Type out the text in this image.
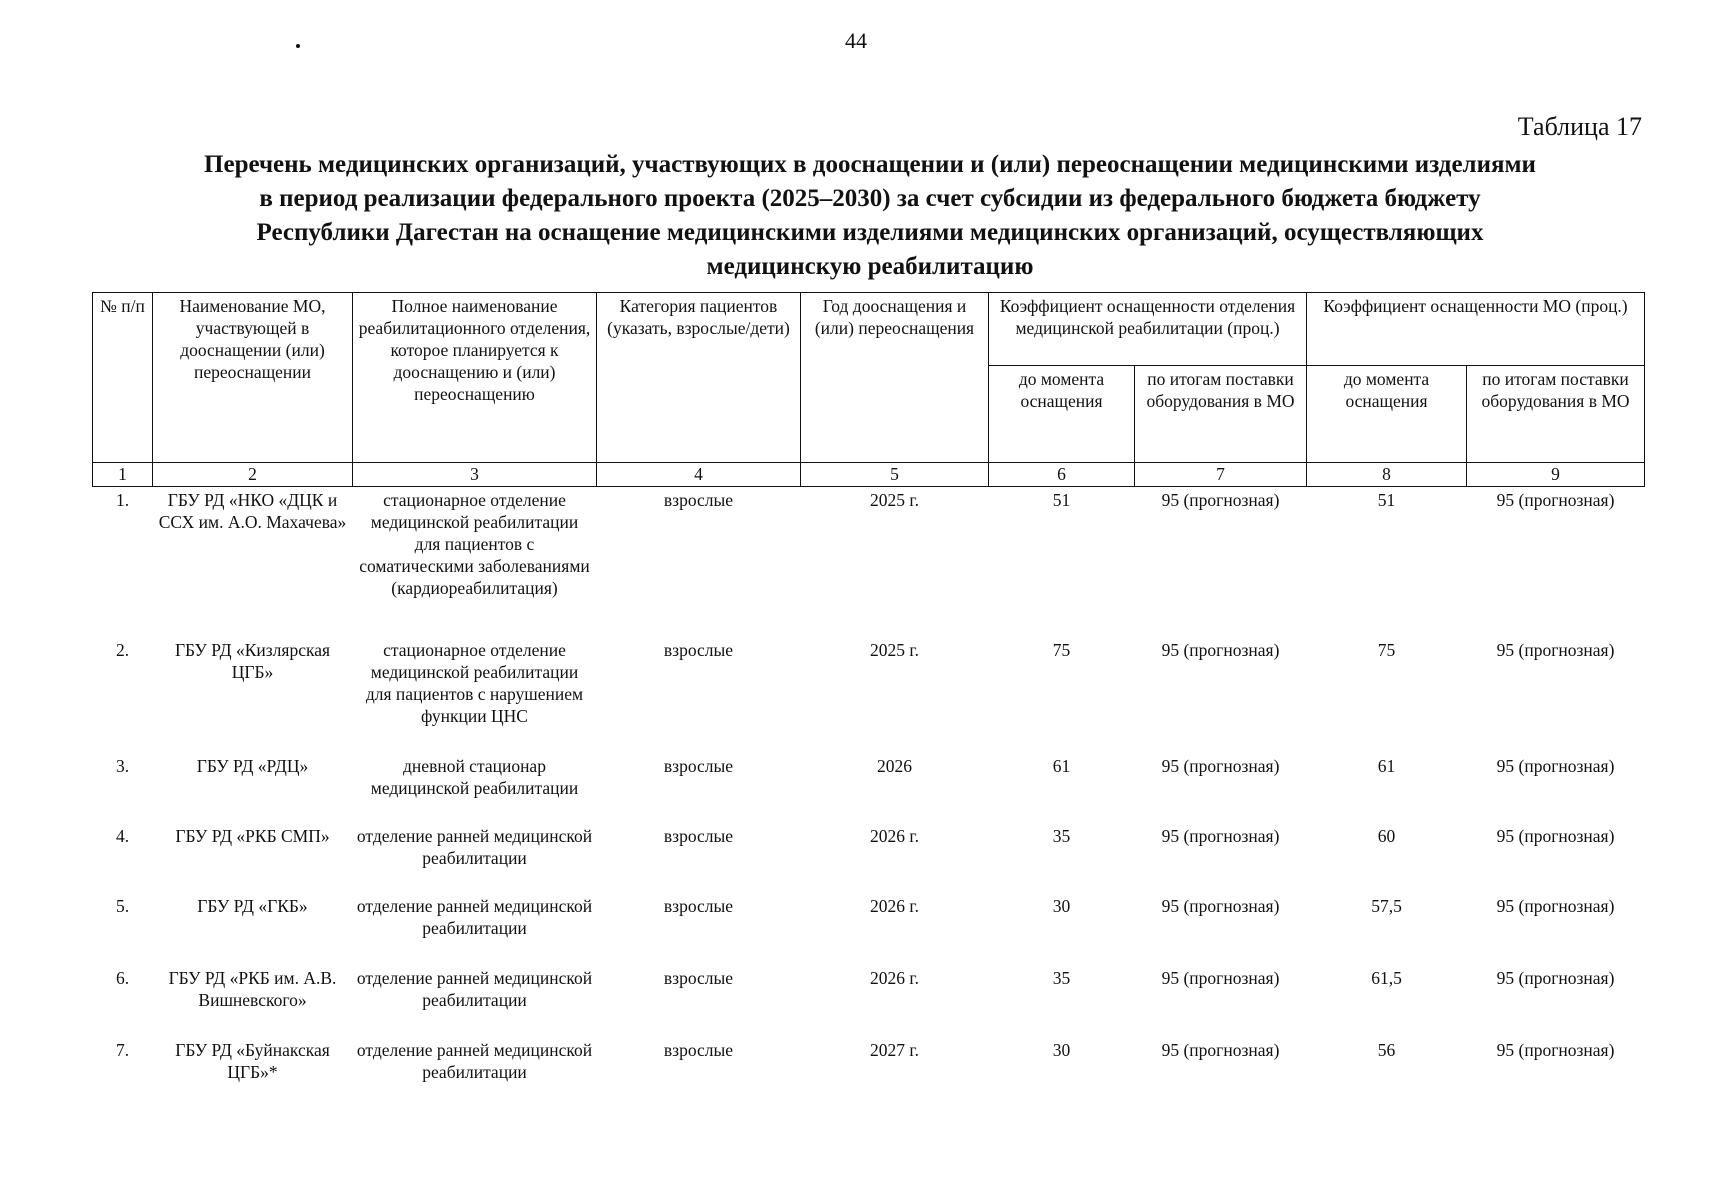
44
Таблица 17
Перечень медицинских организаций, участвующих в дооснащении и (или) переоснащении медицинскими изделиями
в период реализации федерального проекта (2025–2030) за счет субсидии из федерального бюджета бюджету
Республики Дагестан на оснащение медицинскими изделиями медицинских организаций, осуществляющих
медицинскую реабилитацию
№ п/п	Наименование МО, участвующей в дооснащении (или) переоснащении	Полное наименование реабилитационного отделения, которое планируется к дооснащению и (или) переоснащению	Категория пациентов (указать, взрослые/дети)	Год дооснащения и (или) переоснащения	Коэффициент оснащенности отделения медицинской реабилитации (проц.)		Коэффициент оснащенности МО (проц.)	
					до момента оснащения	по итогам поставки оборудования в МО	до момента оснащения	по итогам поставки оборудования в МО
1	2	3	4	5	6	7	8	9
1.	ГБУ РД «НКО «ДЦК и ССХ им. А.О. Махачева»	стационарное отделение медицинской реабилитации для пациентов с соматическими заболеваниями (кардиореабилитация)	взрослые	2025 г.	51	95 (прогнозная)	51	95 (прогнозная)
2.	ГБУ РД «Кизлярская ЦГБ»	стационарное отделение медицинской реабилитации для пациентов с нарушением функции ЦНС	взрослые	2025 г.	75	95 (прогнозная)	75	95 (прогнозная)
3.	ГБУ РД «РДЦ»	дневной стационар медицинской реабилитации	взрослые	2026	61	95 (прогнозная)	61	95 (прогнозная)
4.	ГБУ РД «РКБ СМП»	отделение ранней медицинской реабилитации	взрослые	2026 г.	35	95 (прогнозная)	60	95 (прогнозная)
5.	ГБУ РД «ГКБ»	отделение ранней медицинской реабилитации	взрослые	2026 г.	30	95 (прогнозная)	57,5	95 (прогнозная)
6.	ГБУ РД «РКБ им. А.В. Вишневского»	отделение ранней медицинской реабилитации	взрослые	2026 г.	35	95 (прогнозная)	61,5	95 (прогнозная)
7.	ГБУ РД «Буйнакская ЦГБ»*	отделение ранней медицинской реабилитации	взрослые	2027 г.	30	95 (прогнозная)	56	95 (прогнозная)
